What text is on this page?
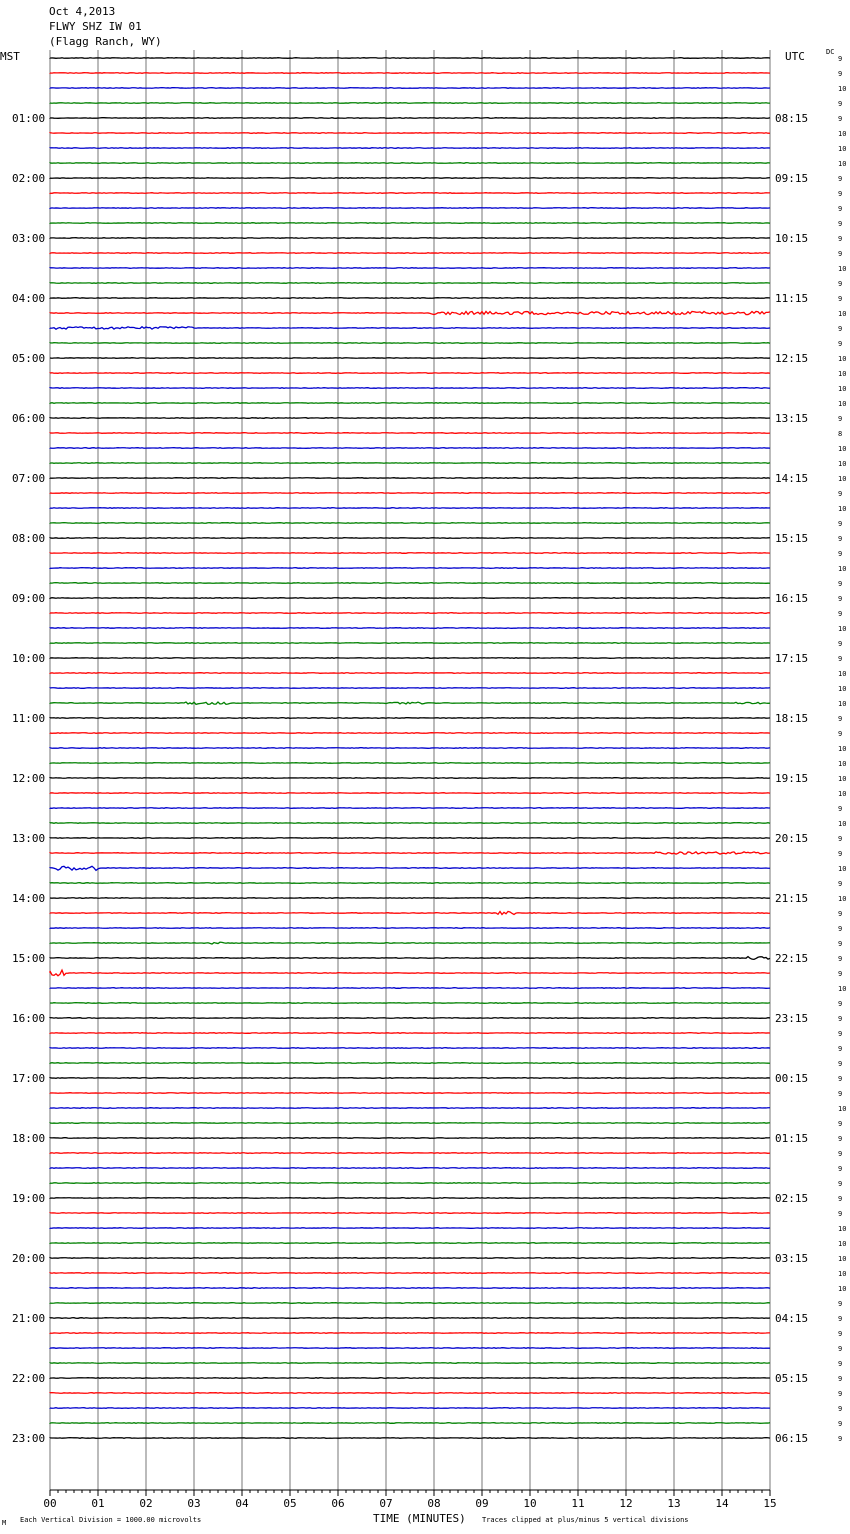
Oct 4,2013
FLWY SHZ IW 01
(Flagg Ranch, WY)
MST	UTC	DC
00	01	02	03	04	05	06	07	08	09	10	11	12	13	14	15
01:00
02:00
03:00
04:00
05:00
06:00
07:00
08:00
09:00
10:00
11:00
12:00
13:00
14:00
15:00
16:00
17:00
18:00
19:00
20:00
21:00
22:00
23:00
08:15
09:15
10:15
11:15
12:15
13:15
14:15
15:15
16:15
17:15
18:15
19:15
20:15
21:15
22:15
23:15
00:15
01:15
02:15
03:15
04:15
05:15
06:15
9
9
10
9
9
10
10
10
9
9
9
9
9
9
10
9
9
10
9
9
10
10
10
10
9
8
10
10
10
9
10
9
9
9
10
9
9
9
10
9
9
10
10
10
9
9
10
10
10
10
9
10
9
9
10
9
10
9
9
9
9
9
10
9
9
9
9
9
9
9
10
9
9
9
9
9
9
9
10
10
10
10
10
9
9
9
9
9
9
9
9
9
9
TIME (MINUTES)
Each Vertical Division = 1000.00 microvolts	Traces clipped at plus/minus 5 vertical divisions
M
